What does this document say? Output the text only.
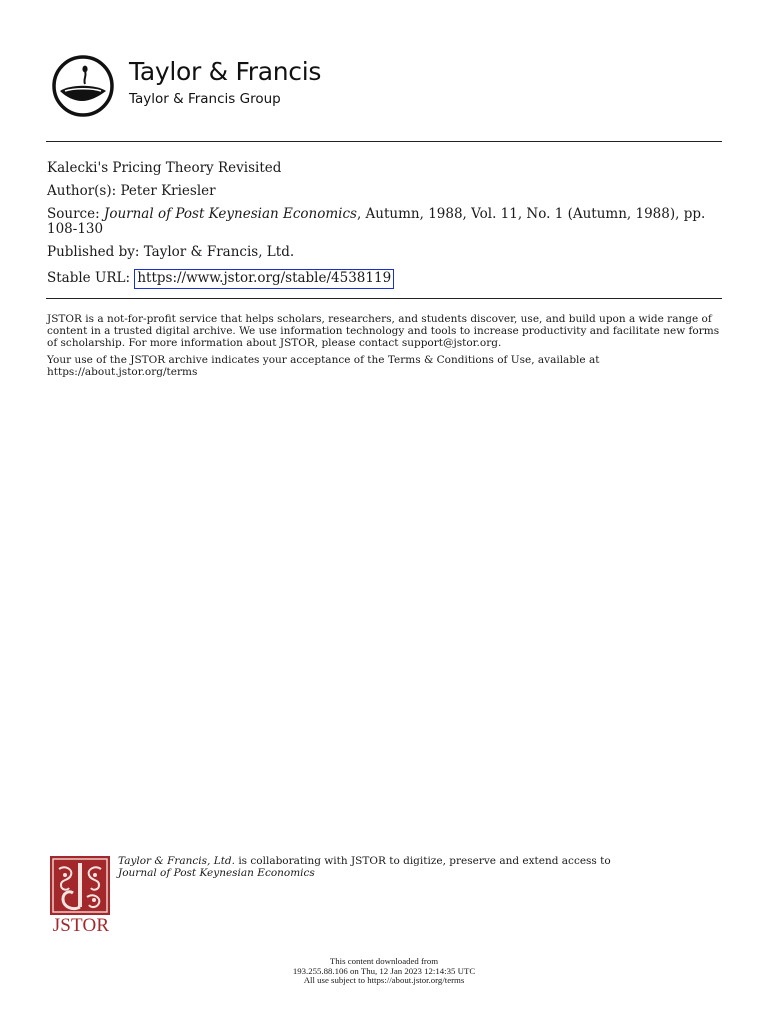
Taylor & Francis
Taylor & Francis Group
Kalecki's Pricing Theory Revisited
Author(s): Peter Kriesler
Source: Journal of Post Keynesian Economics, Autumn, 1988, Vol. 11, No. 1 (Autumn, 1988), pp. 108-130
Published by: Taylor & Francis, Ltd.
Stable URL: https://www.jstor.org/stable/4538119
JSTOR is a not-for-profit service that helps scholars, researchers, and students discover, use, and build upon a wide range of content in a trusted digital archive. We use information technology and tools to increase productivity and facilitate new forms of scholarship. For more information about JSTOR, please contact support@jstor.org.
Your use of the JSTOR archive indicates your acceptance of the Terms & Conditions of Use, available at https://about.jstor.org/terms
JSTOR
Taylor & Francis, Ltd. is collaborating with JSTOR to digitize, preserve and extend access to
Journal of Post Keynesian Economics
This content downloaded from
193.255.88.106 on Thu, 12 Jan 2023 12:14:35 UTC
All use subject to https://about.jstor.org/terms
